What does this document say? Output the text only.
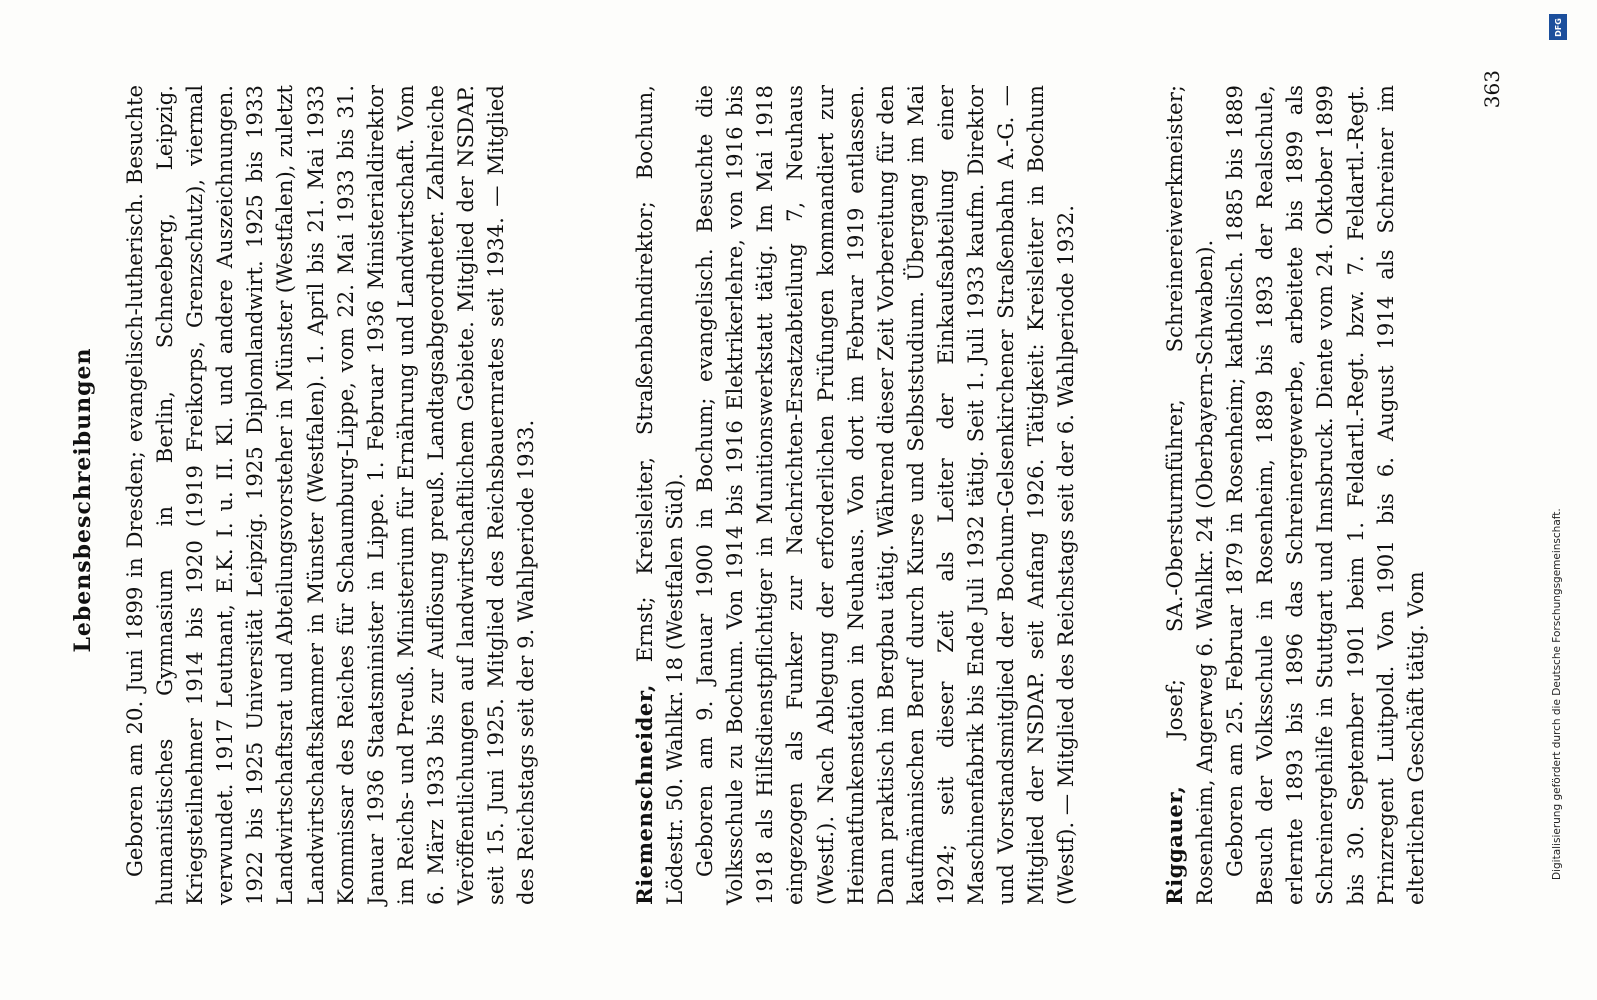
Lebensbeschreibungen Geboren am 20. Juni 1899 in Dresden; evangelisch-lutherisch. Besuchte humanistisches Gymnasium in Berlin, Schneeberg, Leipzig. Kriegsteilnehmer 1914 bis 1920 (1919 Freikorps, Grenzschutz), viermal verwundet. 1917 Leutnant, E.K. I. u. II. Kl. und andere Auszeichnungen. 1922 bis 1925 Universität Leipzig. 1925 Diplomlandwirt. 1925 bis 1933 Landwirtschaftsrat und Abteilungsvorsteher in Münster (Westfalen), zuletzt Landwirtschaftskammer in Münster (Westfalen). 1. April bis 21. Mai 1933 Kommissar des Reiches für Schaumburg-Lippe, vom 22. Mai 1933 bis 31. Januar 1936 Staatsminister in Lippe. 1. Februar 1936 Ministerialdirektor im Reichs- und Preuß. Ministerium für Ernährung und Landwirtschaft. Vom 6. März 1933 bis zur Auflösung preuß. Landtagsabgeordneter. Zahlreiche Veröffentlichungen auf landwirtschaftlichem Gebiete. Mitglied der NSDAP. seit 15. Juni 1925. Mitglied des Reichsbauernrates seit 1934. — Mitglied des Reichstags seit der 9. Wahlperiode 1933.	Riemenschneider, Ernst; Kreisleiter, Straßenbahndirektor; Bochum, Lödestr. 50. Wahlkr. 18 (Westfalen Süd). Geboren am 9. Januar 1900 in Bochum; evangelisch. Besuchte die Volksschule zu Bochum. Von 1914 bis 1916 Elektrikerlehre, von 1916 bis 1918 als Hilfsdienstpflichtiger in Munitionswerkstatt tätig. Im Mai 1918 eingezogen als Funker zur Nachrichten-Ersatzabteilung 7, Neuhaus (Westf.). Nach Ablegung der erforderlichen Prüfungen kommandiert zur Heimatfunkenstation in Neuhaus. Von dort im Februar 1919 entlassen. Dann praktisch im Bergbau tätig. Während dieser Zeit Vorbereitung für den kaufmännischen Beruf durch Kurse und Selbststudium. Übergang im Mai 1924; seit dieser Zeit als Leiter der Einkaufsabteilung einer Maschinenfabrik bis Ende Juli 1932 tätig. Seit 1. Juli 1933 kaufm. Direktor und Vorstandsmitglied der Bochum-Gelsenkirchener Straßenbahn A.-G. — Mitglied der NSDAP. seit Anfang 1926. Tätigkeit: Kreisleiter in Bochum (Westf). — Mitglied des Reichstags seit der 6. Wahlperiode 1932.	Riggauer, Josef; SA.-Obersturmführer, Schreinereiwerkmeister; Rosenheim, Angerweg 6. Wahlkr. 24 (Oberbayern-Schwaben). Geboren am 25. Februar 1879 in Rosenheim; katholisch. 1885 bis 1889 Besuch der Volksschule in Rosenheim, 1889 bis 1893 der Realschule, erlernte 1893 bis 1896 das Schreinergewerbe, arbeitete bis 1899 als Schreinergehilfe in Stuttgart und Innsbruck. Diente vom 24. Oktober 1899 bis 30. September 1901 beim 1. Feldartl.-Regt. bzw. 7. Feldartl.-Regt. Prinzregent Luitpold. Von 1901 bis 6. August 1914 als Schreiner im elterlichen Geschäft tätig. Vom

363
DFG
Digitalisierung gefördert durch die Deutsche Forschungsgemeinschaft.
